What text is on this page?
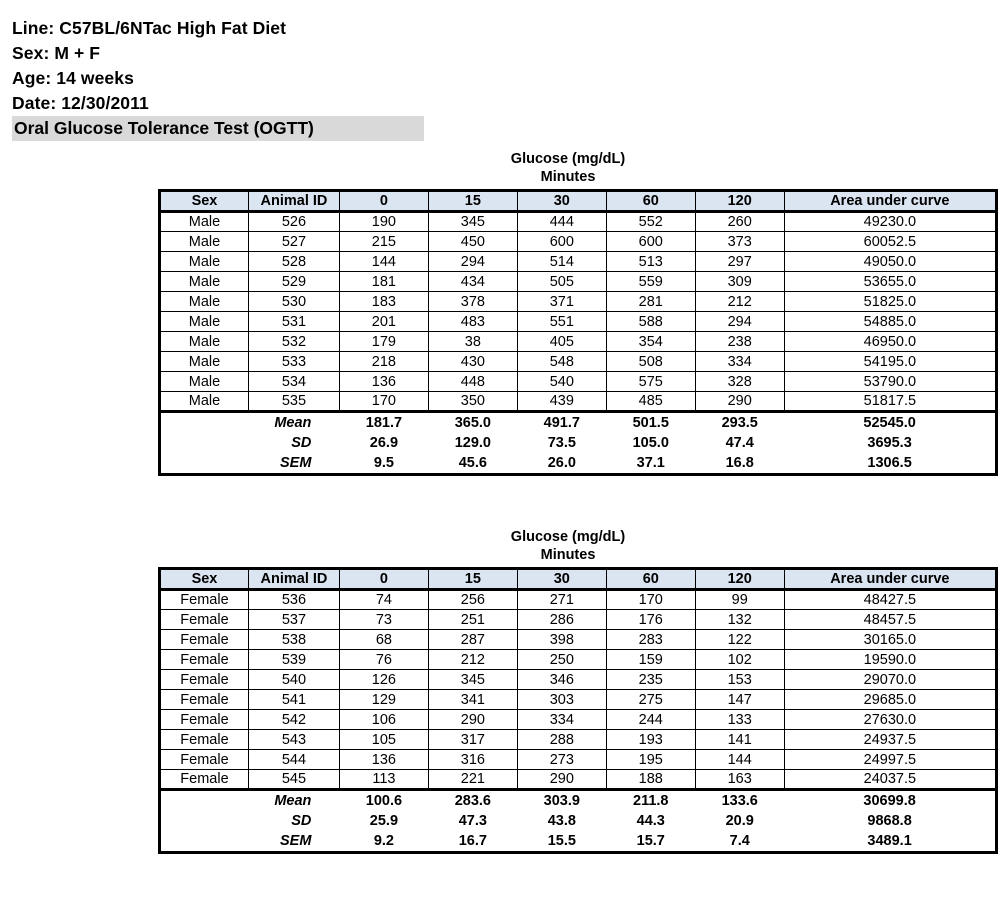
Line: C57BL/6NTac High Fat Diet
Sex: M + F
Age: 14 weeks
Date: 12/30/2011
Oral Glucose Tolerance Test (OGTT)
Glucose (mg/dL)
Minutes
Sex	Animal ID	0	15	30	60	120	Area under curve
Male	526	190	345	444	552	260	49230.0
Male	527	215	450	600	600	373	60052.5
Male	528	144	294	514	513	297	49050.0
Male	529	181	434	505	559	309	53655.0
Male	530	183	378	371	281	212	51825.0
Male	531	201	483	551	588	294	54885.0
Male	532	179	38	405	354	238	46950.0
Male	533	218	430	548	508	334	54195.0
Male	534	136	448	540	575	328	53790.0
Male	535	170	350	439	485	290	51817.5
Mean		181.7	365.0	491.7	501.5	293.5	52545.0
SD		26.9	129.0	73.5	105.0	47.4	3695.3
SEM		9.5	45.6	26.0	37.1	16.8	1306.5
Glucose (mg/dL)
Minutes
Sex	Animal ID	0	15	30	60	120	Area under curve
Female	536	74	256	271	170	99	48427.5
Female	537	73	251	286	176	132	48457.5
Female	538	68	287	398	283	122	30165.0
Female	539	76	212	250	159	102	19590.0
Female	540	126	345	346	235	153	29070.0
Female	541	129	341	303	275	147	29685.0
Female	542	106	290	334	244	133	27630.0
Female	543	105	317	288	193	141	24937.5
Female	544	136	316	273	195	144	24997.5
Female	545	113	221	290	188	163	24037.5
Mean		100.6	283.6	303.9	211.8	133.6	30699.8
SD		25.9	47.3	43.8	44.3	20.9	9868.8
SEM		9.2	16.7	15.5	15.7	7.4	3489.1
